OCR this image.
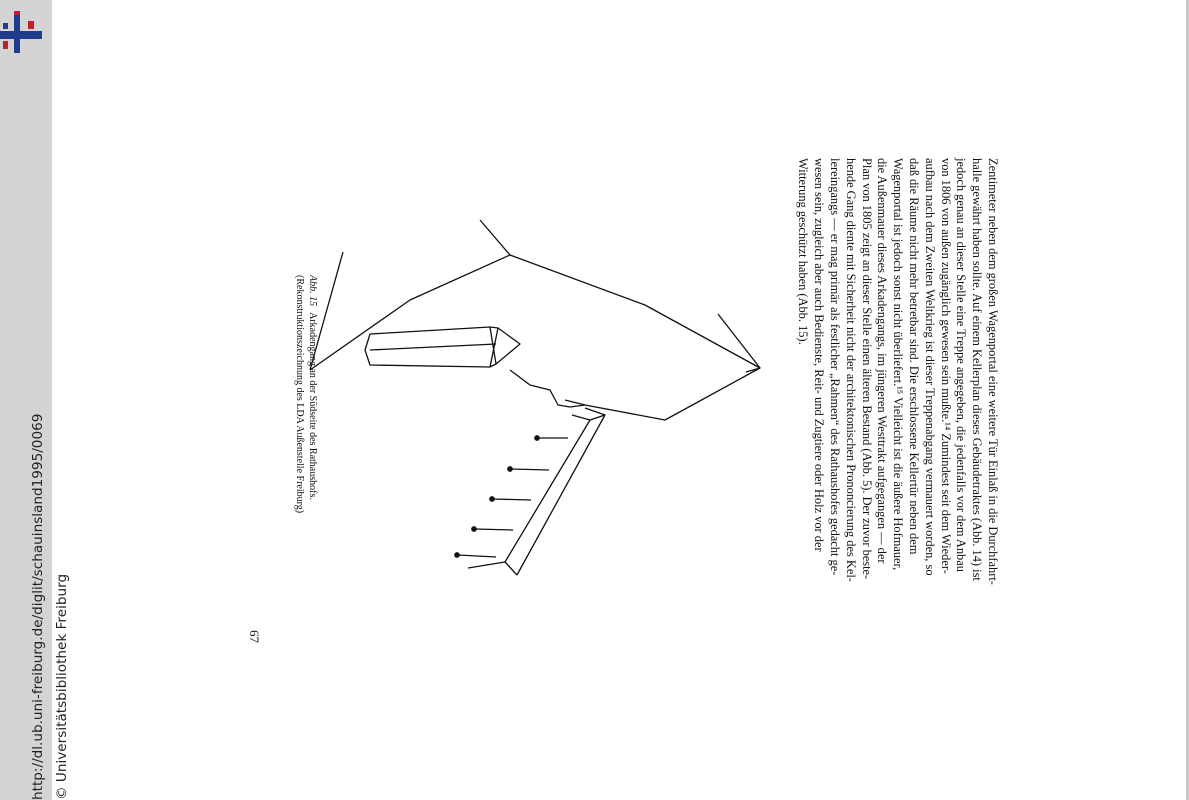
http://dl.ub.uni-freiburg.de/diglit/schauinsland1995/0069 © Universitätsbibliothek Freiburg

Zentimeter neben dem großen Wagenportal eine weitere Tür Einlaß in die Durchfahrt-

halle gewährt haben sollte. Auf einem Kellerplan dieses Gebäudetraktes (Abb. 14) ist

jedoch genau an dieser Stelle eine Treppe angegeben, die jedenfalls vor dem Anbau

von 1806 von außen zugänglich gewesen sein mußte.¹⁴ Zumindest seit dem Wieder-

aufbau nach dem Zweiten Weltkrieg ist dieser Treppenabgang vermauert worden, so

daß die Räume nicht mehr betretbar sind. Die erschlossene Kellertür neben dem

Wagenportal ist jedoch sonst nicht überliefert.¹⁵ Vielleicht ist die äußere Hofmauer,

die Außenmauer dieses Arkadengangs, im jüngeren Westtrakt aufgegangen — der

Plan von 1805 zeigt an dieser Stelle einen älteren Bestand (Abb. 5). Der zuvor beste-

hende Gang diente mit Sicherheit nicht der architektonischen Prononcierung des Kel-

lereingangs — er mag primär als festlicher „Rahmen“ des Rathaushofes gedacht ge-

wesen sein, zugleich aber auch Bedienste, Reit- und Zugtiere oder Holz vor der

Witterung geschützt haben (Abb. 15).

Abb. 15Arkadengang an der Südseite des Rathaushofs.
(Rekonstruktionszeichnung des LDA Außenstelle Freiburg)
67
